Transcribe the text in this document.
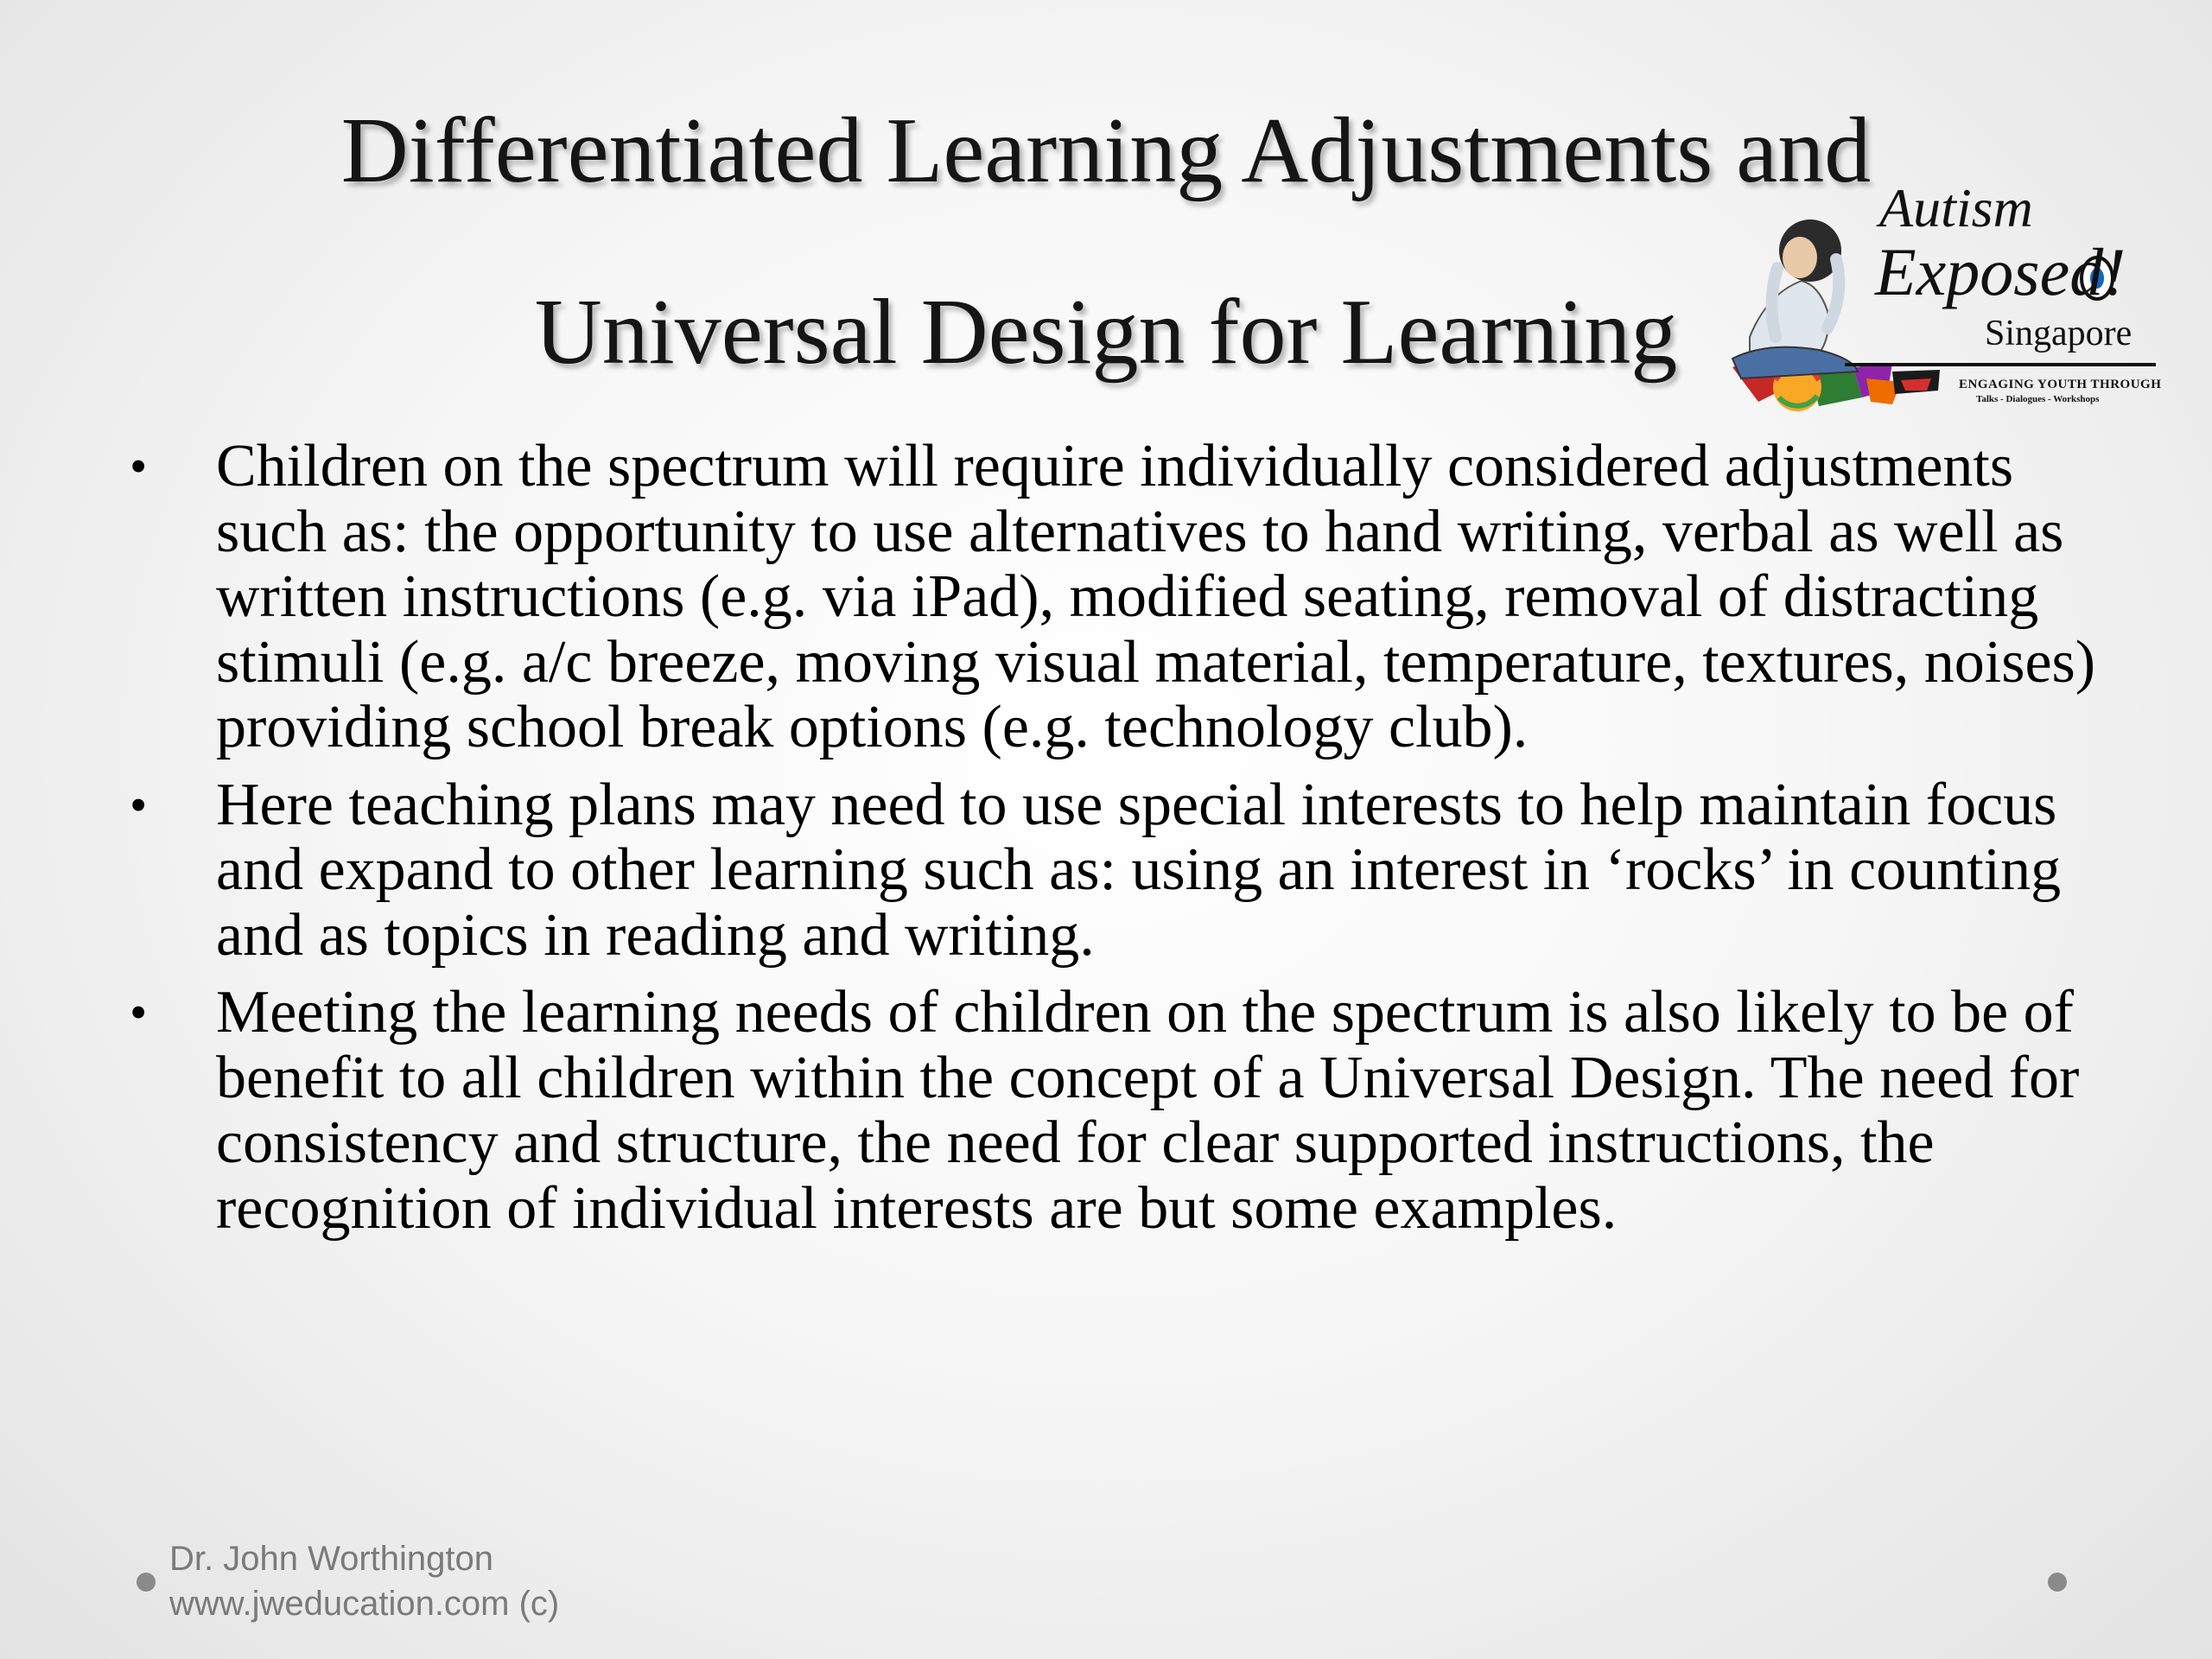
Differentiated Learning Adjustments and
Universal Design for Learning
Autism
Exposed!
Singapore
ENGAGING YOUTH THROUGH
Talks - Dialogues - Workshops
• Children on the spectrum will require individually considered adjustments such as: the opportunity to use alternatives to hand writing, verbal as well as written instructions (e.g. via iPad), modified seating, removal of distracting stimuli (e.g. a/c breeze, moving visual material, temperature, textures, noises) providing school break options (e.g. technology club).
• Here teaching plans may need to use special interests to help maintain focus and expand to other learning such as: using an interest in ‘rocks’ in counting and as topics in reading and writing.
• Meeting the learning needs of children on the spectrum is also likely to be of benefit to all children within the concept of a Universal Design. The need for consistency and structure, the need for clear supported instructions, the recognition of individual interests are but some examples.
Dr. John Worthington
www.jweducation.com (c)
